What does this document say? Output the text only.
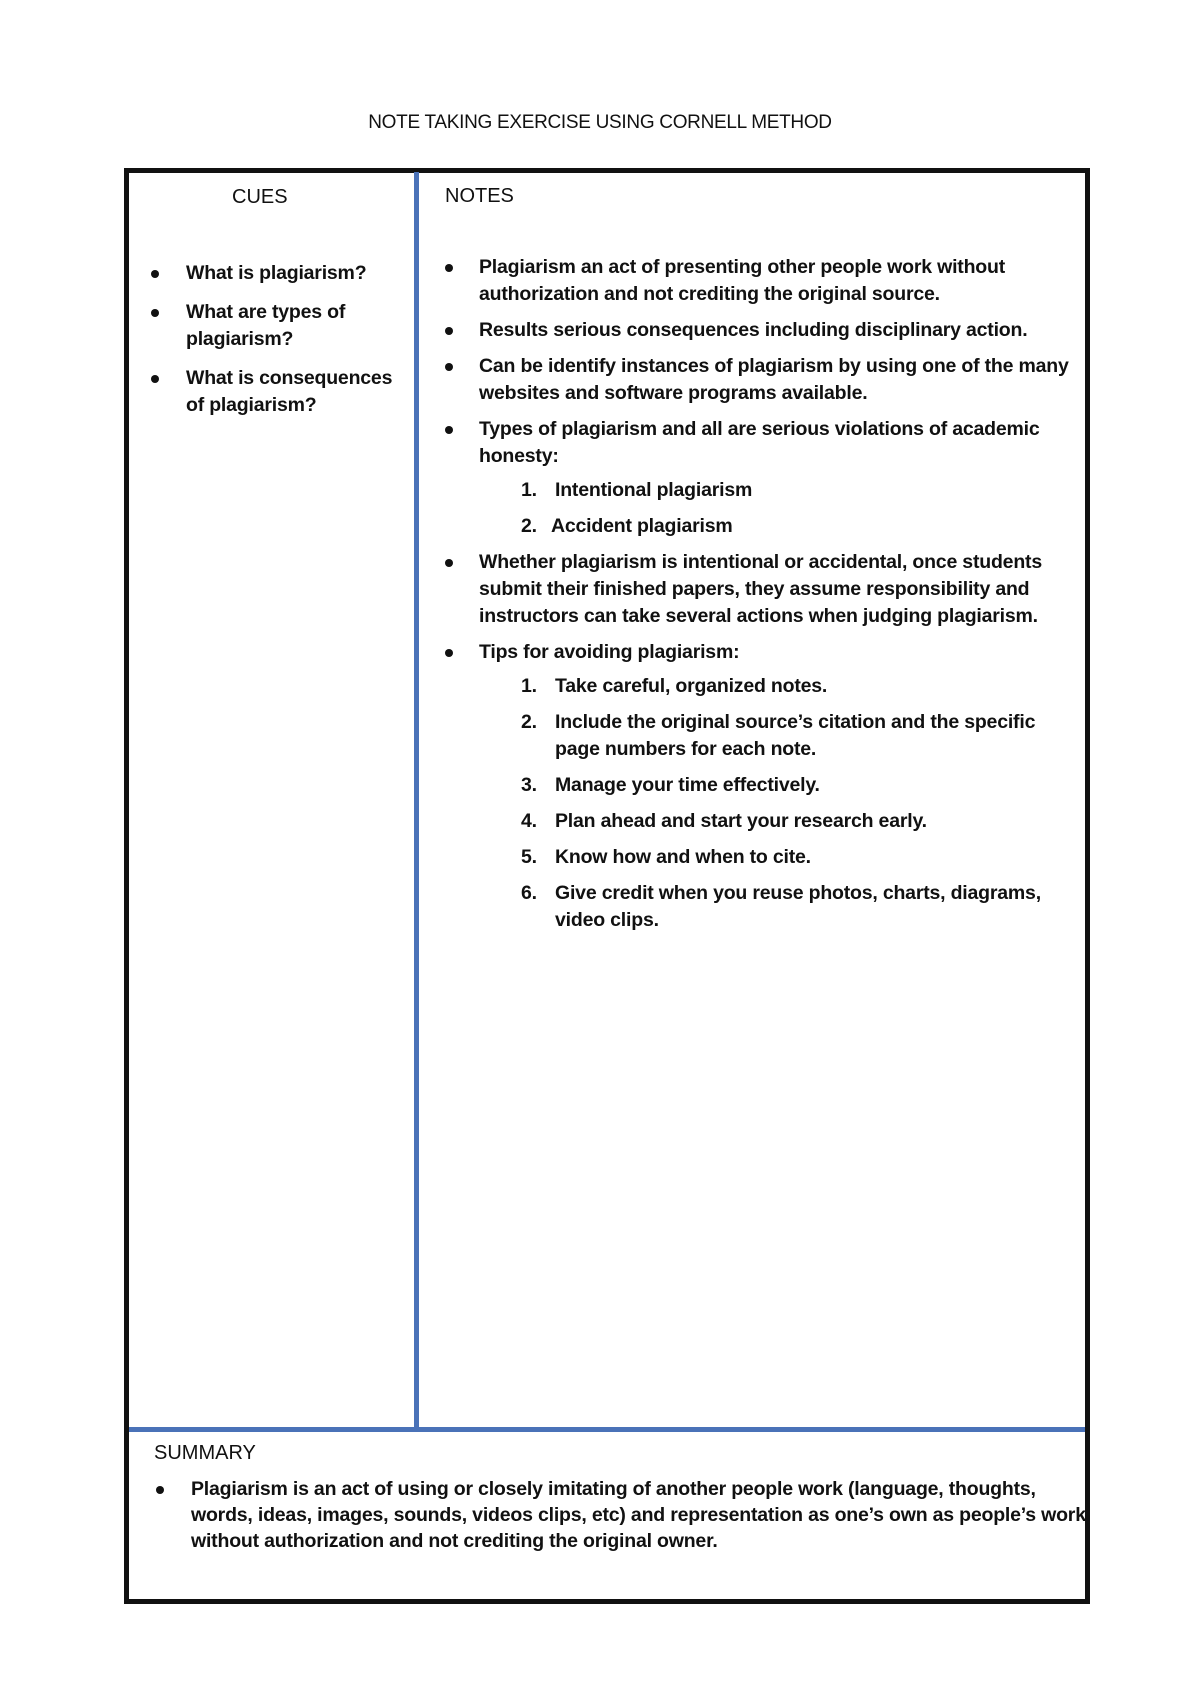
NOTE TAKING EXERCISE USING CORNELL METHOD
CUES	NOTES
SUMMARY
What is plagiarism?
What are types of plagiarism?
What is consequences of plagiarism?
Plagiarism an act of presenting other people work without authorization and not crediting the original source.
Results serious consequences including disciplinary action.
Can be identify instances of plagiarism by using one of the many websites and software programs available.
Types of plagiarism and all are serious violations of academic honesty:
1. Intentional plagiarism
2. Accident plagiarism
Whether plagiarism is intentional or accidental, once students submit their finished papers, they assume responsibility and instructors can take several actions when judging plagiarism.
Tips for avoiding plagiarism:
1. Take careful, organized notes.
2. Include the original source’s citation and the specific page numbers for each note.
3. Manage your time effectively.
4. Plan ahead and start your research early.
5. Know how and when to cite.
6. Give credit when you reuse photos, charts, diagrams, video clips.
Plagiarism is an act of using or closely imitating of another people work (language, thoughts, words, ideas, images, sounds, videos clips, etc) and representation as one’s own as people’s work without authorization and not crediting the original owner.
